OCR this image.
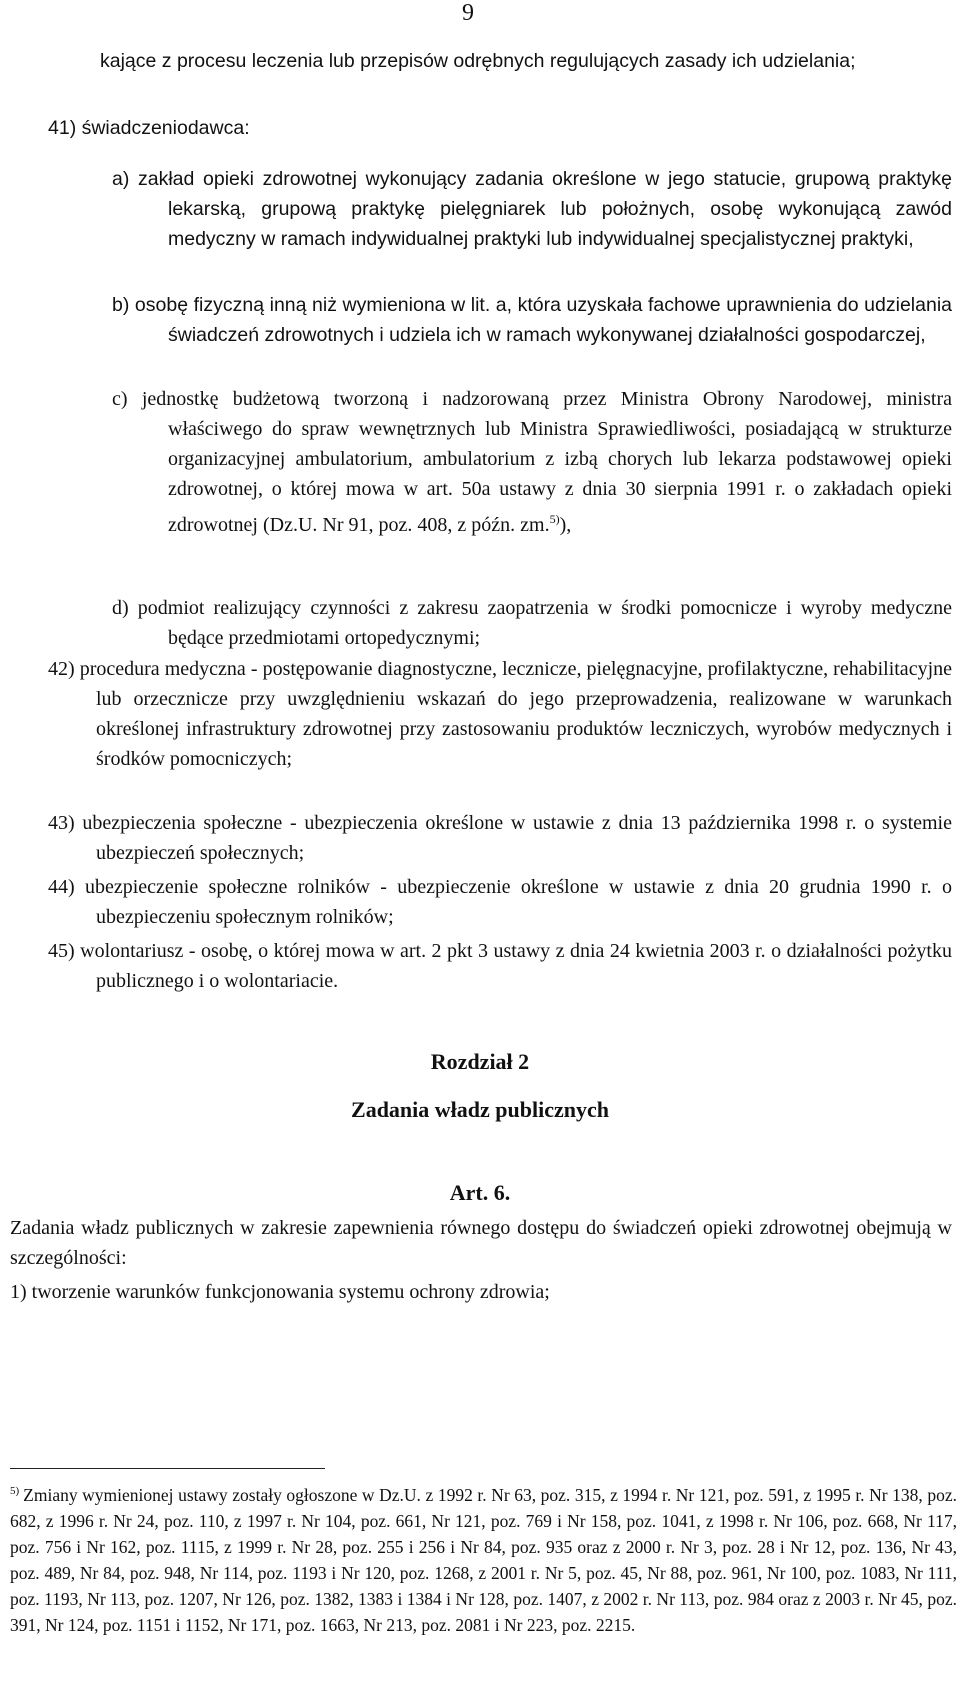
9

kające z procesu leczenia lub przepisów odrębnych regulujących zasady ich udzielania;

41) świadczeniodawca:

a) zakład opieki zdrowotnej wykonujący zadania określone w jego statucie, grupową praktykę lekarską, grupową praktykę pielęgniarek lub położnych, osobę wykonującą zawód medyczny w ramach indywidualnej praktyki lub indywidualnej specjalistycznej praktyki,

b) osobę fizyczną inną niż wymieniona w lit. a, która uzyskała fachowe uprawnienia do udzielania świadczeń zdrowotnych i udziela ich w ramach wykonywanej działalności gospodarczej,

c) jednostkę budżetową tworzoną i nadzorowaną przez Ministra Obrony Narodowej, ministra właściwego do spraw wewnętrznych lub Ministra Sprawiedliwości, posiadającą w strukturze organizacyjnej ambulatorium, ambulatorium z izbą chorych lub lekarza podstawowej opieki zdrowotnej, o której mowa w art. 50a ustawy z dnia 30 sierpnia 1991 r. o zakładach opieki zdrowotnej (Dz.U. Nr 91, poz. 408, z późn. zm.$^{5)}$),

d) podmiot realizujący czynności z zakresu zaopatrzenia w środki pomocnicze i wyroby medyczne będące przedmiotami ortopedycznymi;

42) procedura medyczna - postępowanie diagnostyczne, lecznicze, pielęgnacyjne, profilaktyczne, rehabilitacyjne lub orzecznicze przy uwzględnieniu wskazań do jego przeprowadzenia, realizowane w warunkach określonej infrastruktury zdrowotnej przy zastosowaniu produktów leczniczych, wyrobów medycznych i środków pomocniczych;

43) ubezpieczenia społeczne - ubezpieczenia określone w ustawie z dnia 13 października 1998 r. o systemie ubezpieczeń społecznych;

44) ubezpieczenie społeczne rolników - ubezpieczenie określone w ustawie z dnia 20 grudnia 1990 r. o ubezpieczeniu społecznym rolników;

45) wolontariusz - osobę, o której mowa w art. 2 pkt 3 ustawy z dnia 24 kwietnia 2003 r. o działalności pożytku publicznego i o wolontariacie.

Rozdział 2

Zadania władz publicznych

Art. 6.

Zadania władz publicznych w zakresie zapewnienia równego dostępu do świadczeń opieki zdrowotnej obejmują w szczególności:

1) tworzenie warunków funkcjonowania systemu ochrony zdrowia;

$^{5)}$ Zmiany wymienionej ustawy zostały ogłoszone w Dz.U. z 1992 r. Nr 63, poz. 315, z 1994 r. Nr 121, poz. 591, z 1995 r. Nr 138, poz. 682, z 1996 r. Nr 24, poz. 110, z 1997 r. Nr 104, poz. 661, Nr 121, poz. 769 i Nr 158, poz. 1041, z 1998 r. Nr 106, poz. 668, Nr 117, poz. 756 i Nr 162, poz. 1115, z 1999 r. Nr 28, poz. 255 i 256 i Nr 84, poz. 935 oraz z 2000 r. Nr 3, poz. 28 i Nr 12, poz. 136, Nr 43, poz. 489, Nr 84, poz. 948, Nr 114, poz. 1193 i Nr 120, poz. 1268, z 2001 r. Nr 5, poz. 45, Nr 88, poz. 961, Nr 100, poz. 1083, Nr 111, poz. 1193, Nr 113, poz. 1207, Nr 126, poz. 1382, 1383 i 1384 i Nr 128, poz. 1407, z 2002 r. Nr 113, poz. 984 oraz z 2003 r. Nr 45, poz. 391, Nr 124, poz. 1151 i 1152, Nr 171, poz. 1663, Nr 213, poz. 2081 i Nr 223, poz. 2215.
